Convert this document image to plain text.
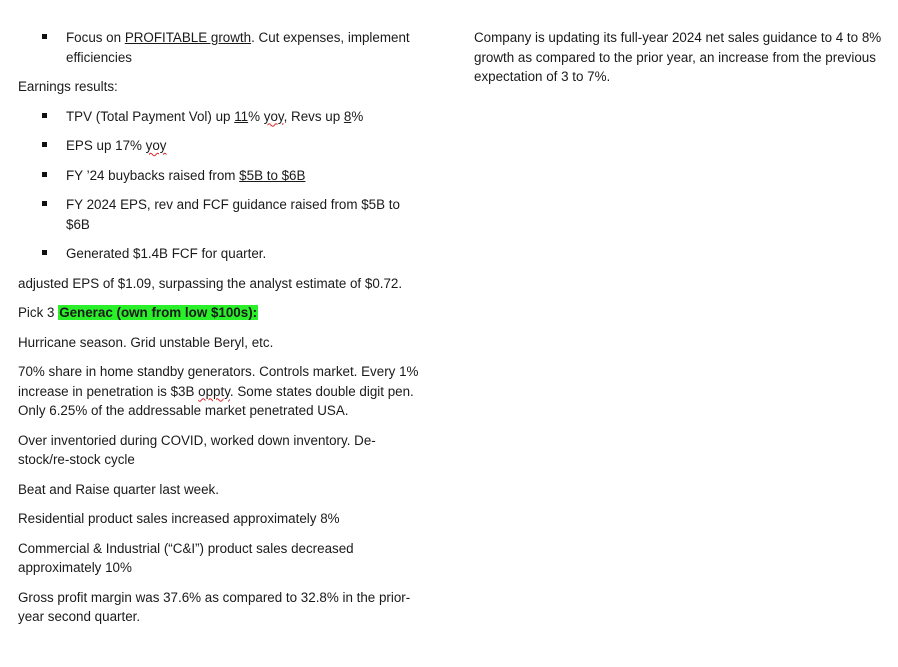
Focus on PROFITABLE growth. Cut expenses, implement
efficiencies

Earnings results:

TPV (Total Payment Vol) up 11% yoy, Revs up 8%
EPS up 17% yoy
FY ’24 buybacks raised from $5B to $6B
FY 2024 EPS, rev and FCF guidance raised from $5B to $6B
Generated $1.4B FCF for quarter.

adjusted EPS of $1.09, surpassing the analyst estimate of $0.72.

Pick 3 Generac (own from low $100s):

Hurricane season. Grid unstable Beryl, etc.

70% share in home standby generators. Controls market. Every 1%
increase in penetration is $3B oppty. Some states double digit pen.
Only 6.25% of the addressable market penetrated USA.
Over inventoried during COVID, worked down inventory. De-
stock/re-stock cycle

Beat and Raise quarter last week.

Residential product sales increased approximately 8%

Commercial & Industrial (“C&I”) product sales decreased
approximately 10%
Gross profit margin was 37.6% as compared to 32.8% in the prior-
year second quarter.
Company is updating its full-year 2024 net sales guidance to 4 to 8%
growth as compared to the prior year, an increase from the previous
expectation of 3 to 7%.
